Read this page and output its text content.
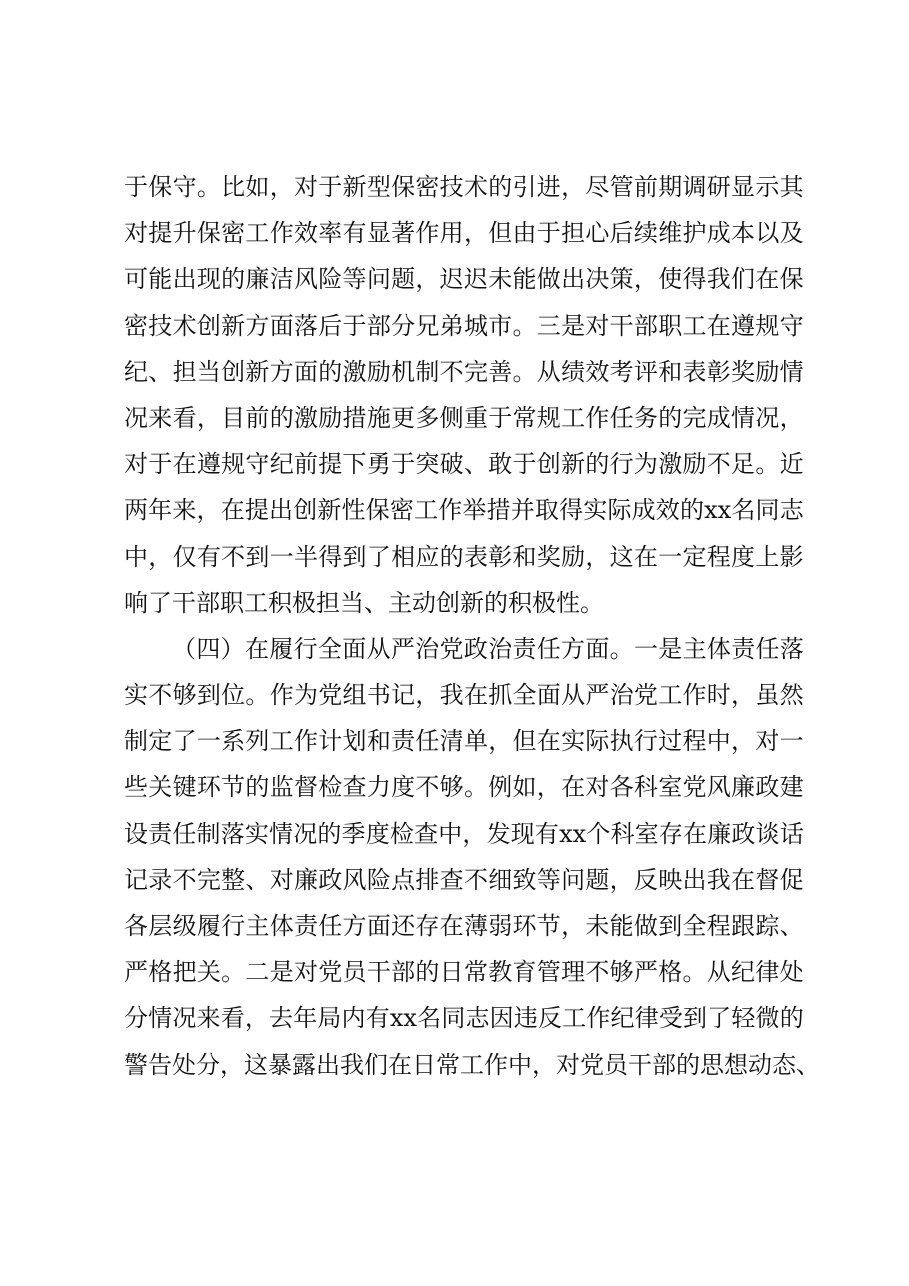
于 保 守 。 比 如 ， 对 于 新 型 保 密 技 术 的 引 进 ， 尽 管 前 期 调 研 显 示 其
对 提 升 保 密 工 作 效 率 有 显 著 作 用 ， 但 由 于 担 心 后 续 维 护 成 本 以 及
可 能 出 现 的 廉 洁 风 险 等 问 题 ， 迟 迟 未 能 做 出 决 策 ， 使 得 我 们 在 保
密 技 术 创 新 方 面 落 后 于 部 分 兄 弟 城 市 。 三 是 对 干 部 职 工 在 遵 规 守
纪 、 担 当 创 新 方 面 的 激 励 机 制 不 完 善 。 从 绩 效 考 评 和 表 彰 奖 励 情
况 来 看 ， 目 前 的 激 励 措 施 更 多 侧 重 于 常 规 工 作 任 务 的 完 成 情 况 ，
对 于 在 遵 规 守 纪 前 提 下 勇 于 突 破 、 敢 于 创 新 的 行 为 激 励 不 足 。 近
两 年 来 ， 在 提 出 创 新 性 保 密 工 作 举 措 并 取 得 实 际 成 效 的 xx 名 同 志
中 ， 仅 有 不 到 一 半 得 到 了 相 应 的 表 彰 和 奖 励 ， 这 在 一 定 程 度 上 影
响了干部职工积极担当、主动创新的积极性。
（ 四 ） 在 履 行 全 面 从 严 治 党 政 治 责 任 方 面 。 一 是 主 体 责 任 落
实 不 够 到 位 。 作 为 党 组 书 记 ， 我 在 抓 全 面 从 严 治 党 工 作 时 ， 虽 然
制 定 了 一 系 列 工 作 计 划 和 责 任 清 单 ， 但 在 实 际 执 行 过 程 中 ， 对 一
些 关 键 环 节 的 监 督 检 查 力 度 不 够 。 例 如 ， 在 对 各 科 室 党 风 廉 政 建
设 责 任 制 落 实 情 况 的 季 度 检 查 中 ， 发 现 有 xx 个 科 室 存 在 廉 政 谈 话
记 录 不 完 整 、 对 廉 政 风 险 点 排 查 不 细 致 等 问 题 ， 反 映 出 我 在 督 促
各 层 级 履 行 主 体 责 任 方 面 还 存 在 薄 弱 环 节 ， 未 能 做 到 全 程 跟 踪 、
严 格 把 关 。 二 是 对 党 员 干 部 的 日 常 教 育 管 理 不 够 严 格 。 从 纪 律 处
分 情 况 来 看 ， 去 年 局 内 有 xx 名 同 志 因 违 反 工 作 纪 律 受 到 了 轻 微 的
警 告 处 分 ， 这 暴 露 出 我 们 在 日 常 工 作 中 ， 对 党 员 干 部 的 思 想 动 态 、
